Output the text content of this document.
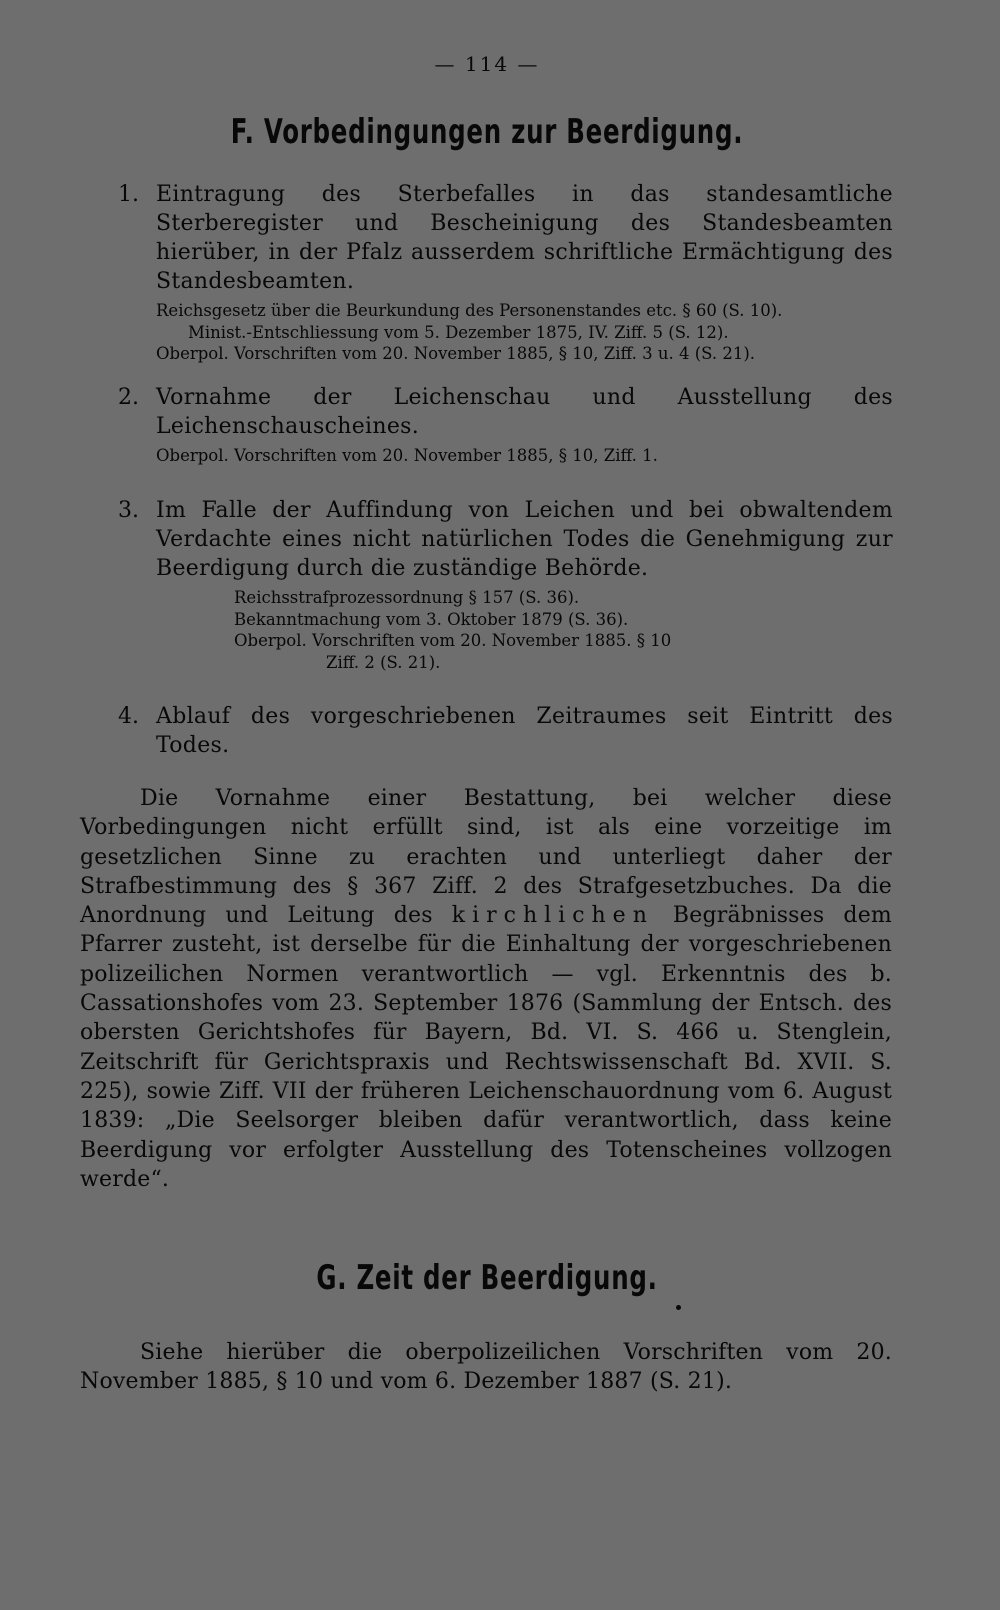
— 114 —
F. Vorbedingungen zur Beerdigung.
1. Eintragung des Sterbefalles in das standesamtliche Sterberegister und Bescheinigung des Standesbeamten hierüber, in der Pfalz ausserdem schriftliche Ermächtigung des Standesbeamten.
Reichsgesetz über die Beurkundung des Personenstandes etc. § 60 (S. 10).
Minist.-Entschliessung vom 5. Dezember 1875, IV. Ziff. 5 (S. 12).
Oberpol. Vorschriften vom 20. November 1885, § 10, Ziff. 3 u. 4 (S. 21).
2. Vornahme der Leichenschau und Ausstellung des Leichenschauscheines.
Oberpol. Vorschriften vom 20. November 1885, § 10, Ziff. 1.
3. Im Falle der Auffindung von Leichen und bei obwaltendem Verdachte eines nicht natürlichen Todes die Genehmigung zur Beerdigung durch die zuständige Behörde.
Reichsstrafprozessordnung § 157 (S. 36).
Bekanntmachung vom 3. Oktober 1879 (S. 36).
Oberpol. Vorschriften vom 20. November 1885. § 10
Ziff. 2 (S. 21).
4. Ablauf des vorgeschriebenen Zeitraumes seit Eintritt des Todes.
Die Vornahme einer Bestattung, bei welcher diese Vorbedingungen nicht erfüllt sind, ist als eine vorzeitige im gesetzlichen Sinne zu erachten und unterliegt daher der Strafbestimmung des § 367 Ziff. 2 des Strafgesetzbuches. Da die Anordnung und Leitung des kirchlichen Begräbnisses dem Pfarrer zusteht, ist derselbe für die Einhaltung der vorgeschriebenen polizeilichen Normen verantwortlich — vgl. Erkenntnis des b. Cassationshofes vom 23. September 1876 (Sammlung der Entsch. des obersten Gerichtshofes für Bayern, Bd. VI. S. 466 u. Stenglein, Zeitschrift für Gerichtspraxis und Rechtswissenschaft Bd. XVII. S. 225), sowie Ziff. VII der früheren Leichenschauordnung vom 6. August 1839: „Die Seelsorger bleiben dafür verantwortlich, dass keine Beerdigung vor erfolgter Ausstellung des Totenscheines vollzogen werde“.
G. Zeit der Beerdigung.
Siehe hierüber die oberpolizeilichen Vorschriften vom 20. November 1885, § 10 und vom 6. Dezember 1887 (S. 21).
